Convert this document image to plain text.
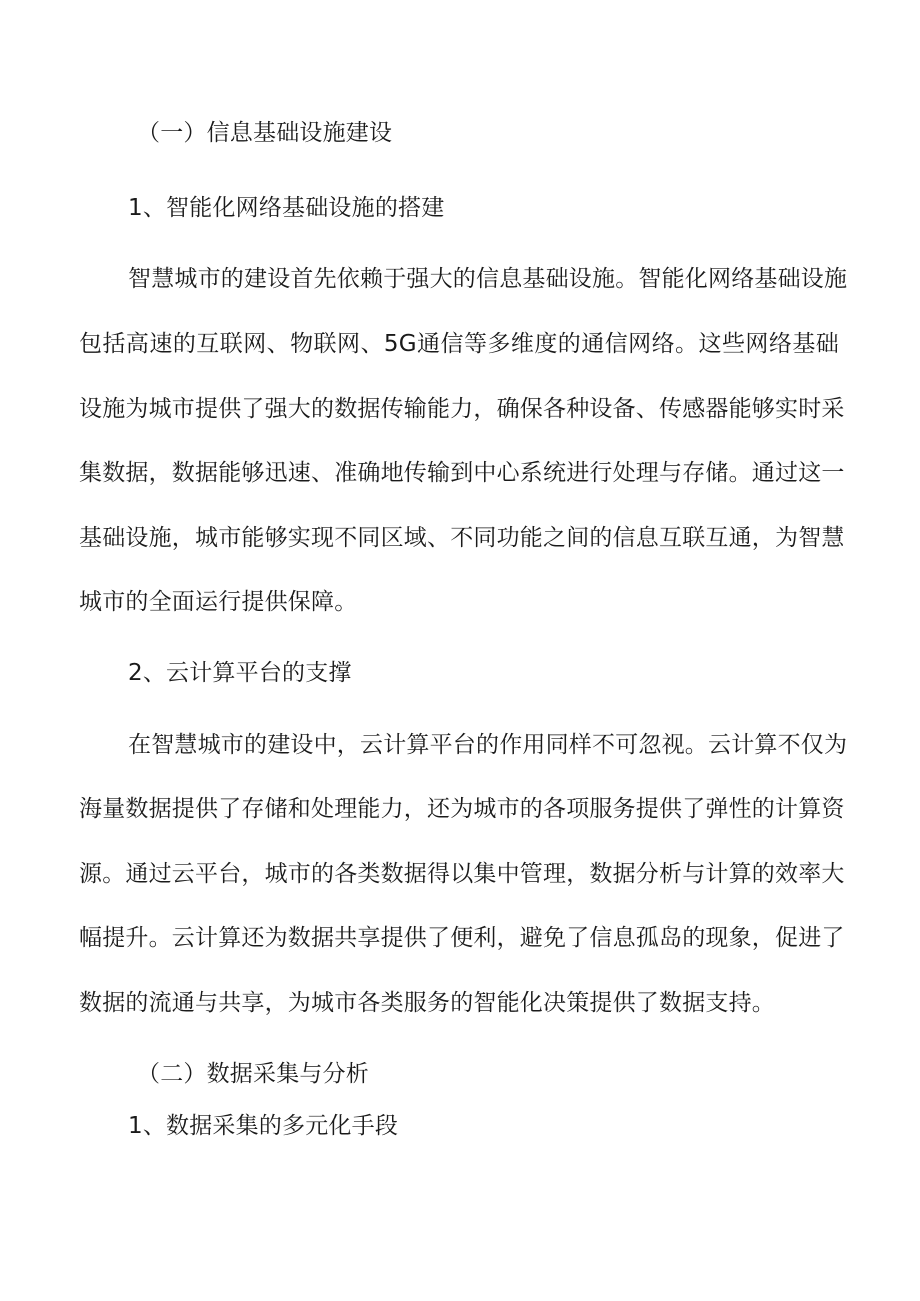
（一）信息基础设施建设
1、智能化网络基础设施的搭建
智慧城市的建设首先依赖于强大的信息基础设施。智能化网络基础设施
包括高速的互联网、物联网、5G通信等多维度的通信网络。这些网络基础
设施为城市提供了强大的数据传输能力，确保各种设备、传感器能够实时采
集数据，数据能够迅速、准确地传输到中心系统进行处理与存储。通过这一
基础设施，城市能够实现不同区域、不同功能之间的信息互联互通，为智慧
城市的全面运行提供保障。
2、云计算平台的支撑
在智慧城市的建设中，云计算平台的作用同样不可忽视。云计算不仅为
海量数据提供了存储和处理能力，还为城市的各项服务提供了弹性的计算资
源。通过云平台，城市的各类数据得以集中管理，数据分析与计算的效率大
幅提升。云计算还为数据共享提供了便利，避免了信息孤岛的现象，促进了
数据的流通与共享，为城市各类服务的智能化决策提供了数据支持。
（二）数据采集与分析
1、数据采集的多元化手段
